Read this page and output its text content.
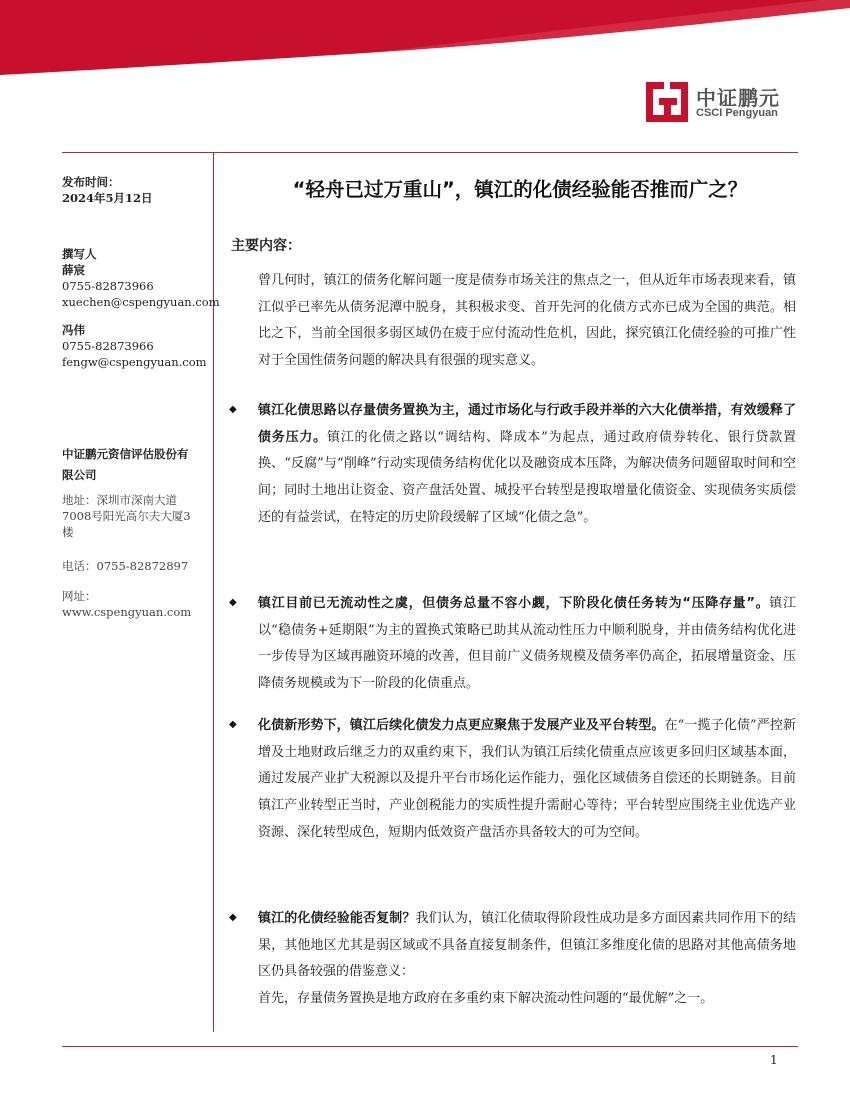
中证鹏元
CSCI Pengyuan
发布时间：
2024年5月12日
撰写人
薛宸
0755-82873966
xuechen@cspengyuan.com
冯伟
0755-82873966
fengw@cspengyuan.com
中证鹏元资信评估股份有
限公司
地址：深圳市深南大道
7008号阳光高尔夫大厦3
楼
电话：0755-82872897
网址：
www.cspengyuan.com
“轻舟已过万重山”，镇江的化债经验能否推而广之？
主要内容：
曾几何时，镇江的债务化解问题一度是债券市场关注的焦点之一，但从近年市场表现来看，镇江似乎已率先从债务泥潭中脱身，其积极求变、首开先河的化债方式亦已成为全国的典范。相比之下，当前全国很多弱区域仍在疲于应付流动性危机，因此，探究镇江化债经验的可推广性对于全国性债务问题的解决具有很强的现实意义。
◆ 镇江化债思路以存量债务置换为主，通过市场化与行政手段并举的六大化债举措，有效缓释了债务压力。镇江的化债之路以“调结构、降成本”为起点，通过政府债券转化、银行贷款置换、“反腐”与“削峰”行动实现债务结构优化以及融资成本压降，为解决债务问题留取时间和空间；同时土地出让资金、资产盘活处置、城投平台转型是搜取增量化债资金、实现债务实质偿还的有益尝试，在特定的历史阶段缓解了区域“化债之急”。
◆ 镇江目前已无流动性之虞，但债务总量不容小觑，下阶段化债任务转为“压降存量”。镇江以“稳债务+延期限”为主的置换式策略已助其从流动性压力中顺利脱身，并由债务结构优化进一步传导为区域再融资环境的改善，但目前广义债务规模及债务率仍高企，拓展增量资金、压降债务规模或为下一阶段的化债重点。
◆ 化债新形势下，镇江后续化债发力点更应聚焦于发展产业及平台转型。在“一揽子化债”严控新增及土地财政后继乏力的双重约束下，我们认为镇江后续化债重点应该更多回归区域基本面，通过发展产业扩大税源以及提升平台市场化运作能力，强化区域债务自偿还的长期链条。目前镇江产业转型正当时，产业创税能力的实质性提升需耐心等待；平台转型应围绕主业优选产业资源、深化转型成色，短期内低效资产盘活亦具备较大的可为空间。
◆ 镇江的化债经验能否复制？我们认为，镇江化债取得阶段性成功是多方面因素共同作用下的结果，其他地区尤其是弱区域或不具备直接复制条件，但镇江多维度化债的思路对其他高债务地区仍具备较强的借鉴意义：
首先，存量债务置换是地方政府在多重约束下解决流动性问题的“最优解”之一。
1
